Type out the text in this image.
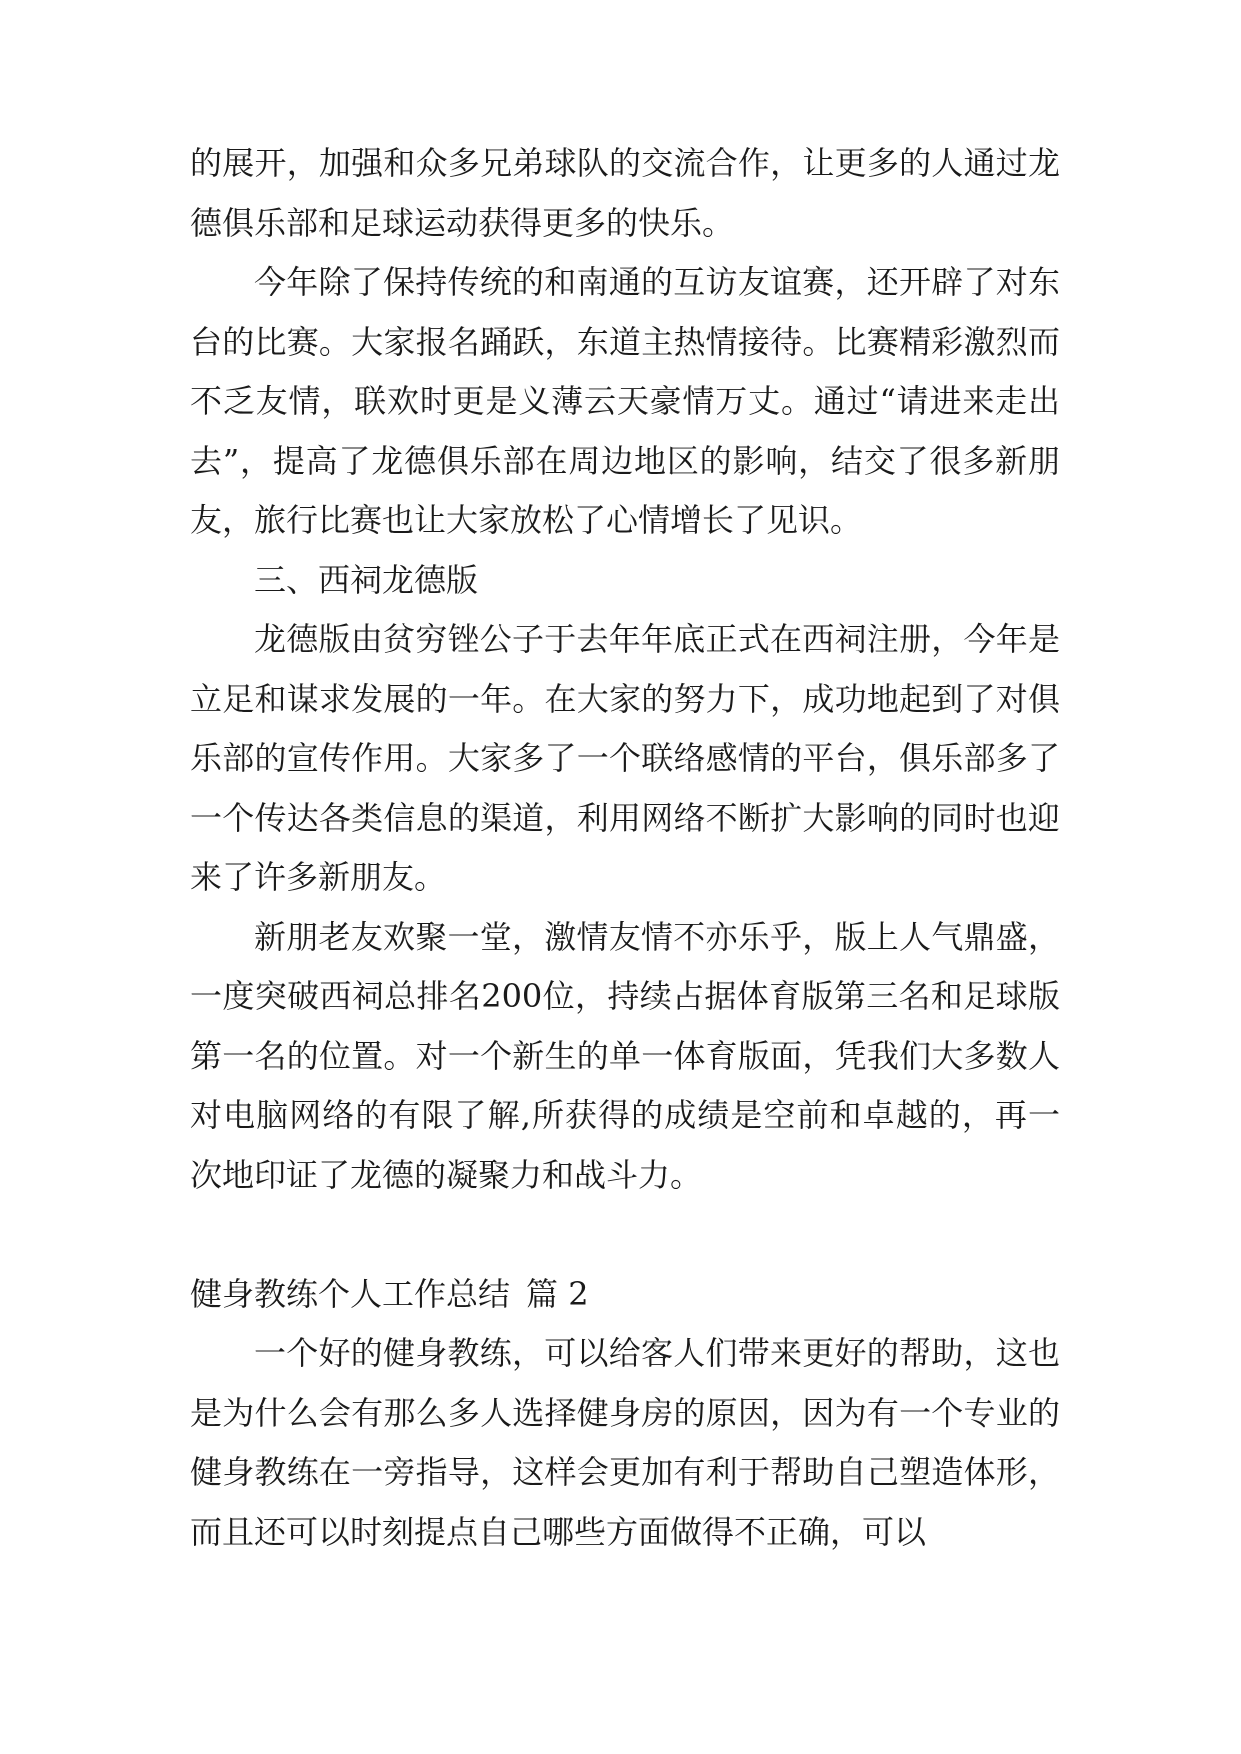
的展开，加强和众多兄弟球队的交流合作，让更多的人通过龙德俱乐部和足球运动获得更多的快乐。

今年除了保持传统的和南通的互访友谊赛，还开辟了对东台的比赛。大家报名踊跃，东道主热情接待。比赛精彩激烈而不乏友情，联欢时更是义薄云天豪情万丈。通过“请进来走出去”，提高了龙德俱乐部在周边地区的影响，结交了很多新朋友，旅行比赛也让大家放松了心情增长了见识。

三、西祠龙德版

龙德版由贫穷锉公子于去年年底正式在西祠注册，今年是立足和谋求发展的一年。在大家的努力下，成功地起到了对俱乐部的宣传作用。大家多了一个联络感情的平台，俱乐部多了一个传达各类信息的渠道，利用网络不断扩大影响的同时也迎来了许多新朋友。

新朋老友欢聚一堂，激情友情不亦乐乎，版上人气鼎盛，一度突破西祠总排名200位，持续占据体育版第三名和足球版第一名的位置。对一个新生的单一体育版面，凭我们大多数人对电脑网络的有限了解,所获得的成绩是空前和卓越的，再一次地印证了龙德的凝聚力和战斗力。

健身教练个人工作总结 篇 2

一个好的健身教练，可以给客人们带来更好的帮助，这也是为什么会有那么多人选择健身房的原因，因为有一个专业的健身教练在一旁指导，这样会更加有利于帮助自己塑造体形，而且还可以时刻提点自己哪些方面做得不正确，可以
